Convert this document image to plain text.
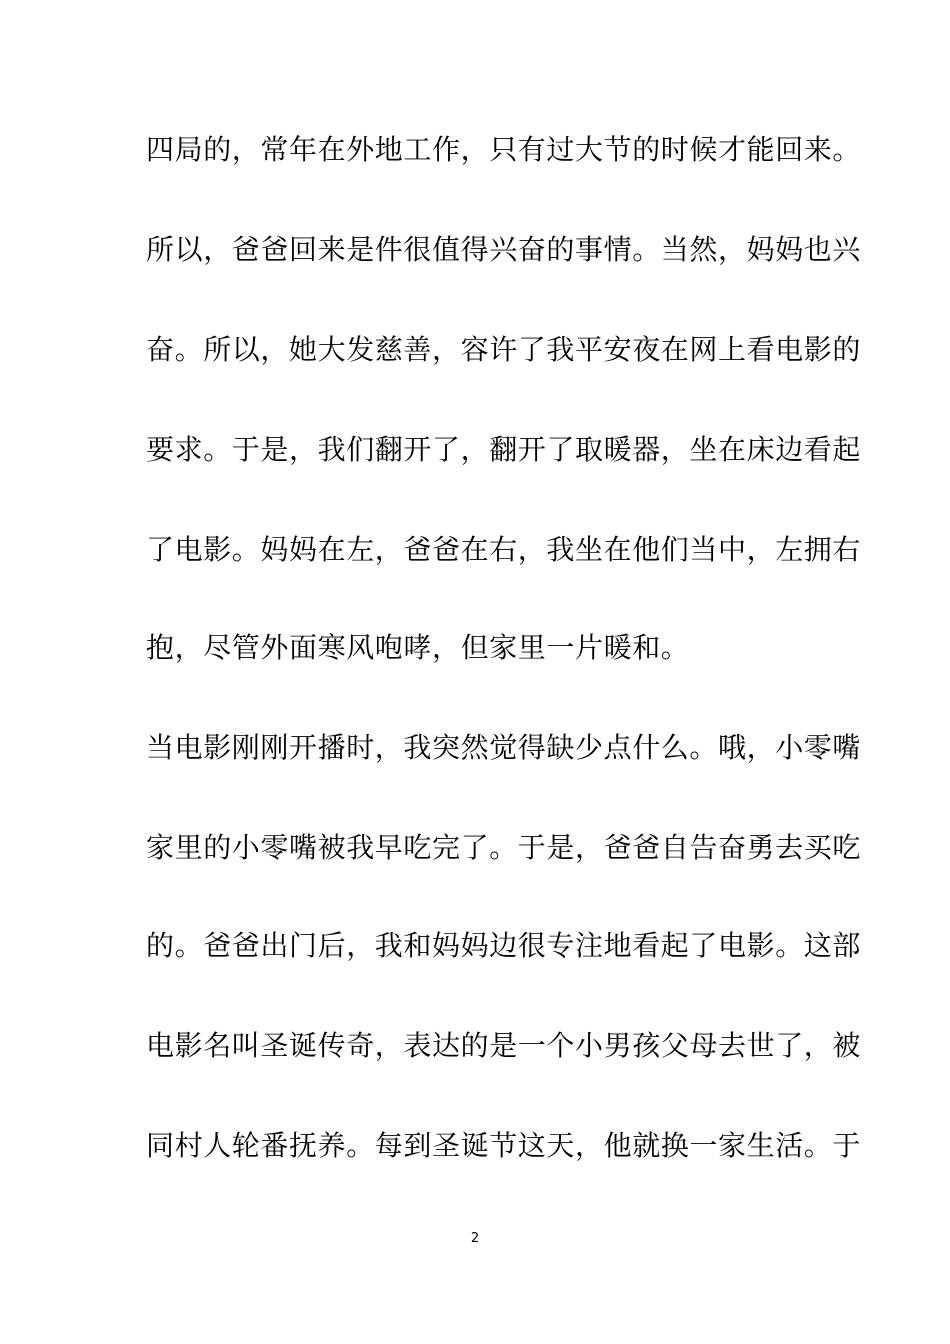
四局的，常年在外地工作，只有过大节的时候才能回来。
所以，爸爸回来是件很值得兴奋的事情。当然，妈妈也兴
奋。所以，她大发慈善，容许了我平安夜在网上看电影的
要求。于是，我们翻开了，翻开了取暖器，坐在床边看起
了电影。妈妈在左，爸爸在右，我坐在他们当中，左拥右
抱，尽管外面寒风咆哮，但家里一片暖和。
当电影刚刚开播时，我突然觉得缺少点什么。哦，小零嘴
家里的小零嘴被我早吃完了。于是，爸爸自告奋勇去买吃
的。爸爸出门后，我和妈妈边很专注地看起了电影。这部
电影名叫圣诞传奇，表达的是一个小男孩父母去世了，被
同村人轮番抚养。每到圣诞节这天，他就换一家生活。于
2
